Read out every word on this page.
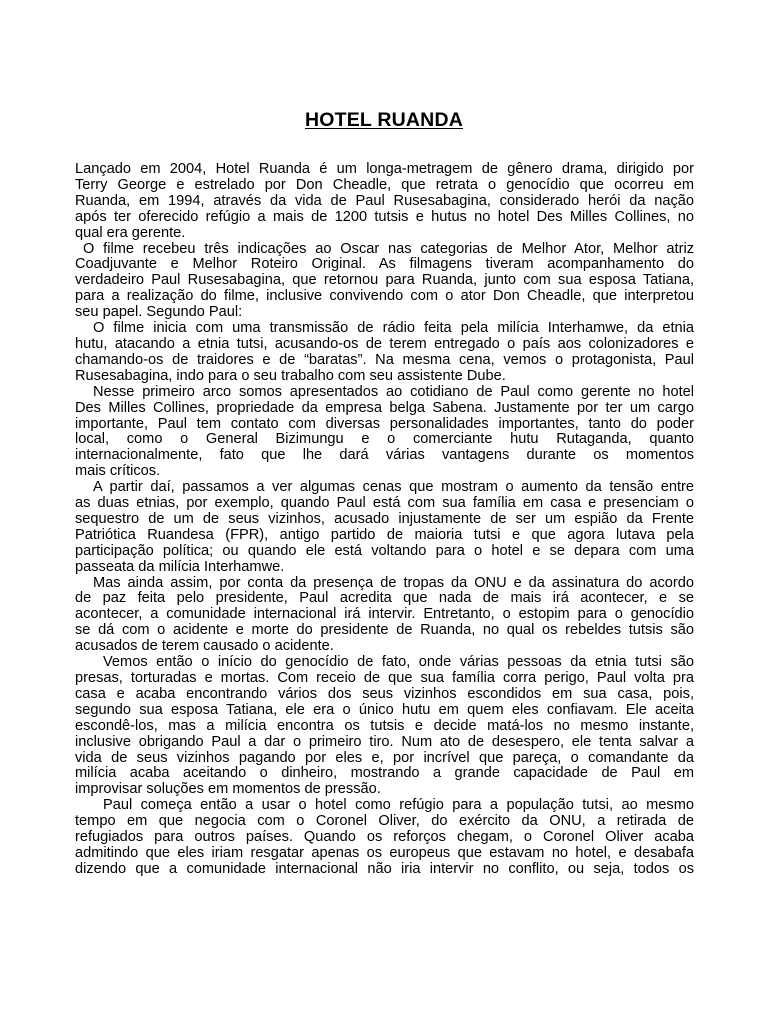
HOTEL RUANDA

Lançado em 2004, Hotel Ruanda é um longa-metragem de gênero drama, dirigido por
Terry George e estrelado por Don Cheadle, que retrata o genocídio que ocorreu em
Ruanda, em 1994, através da vida de Paul Rusesabagina, considerado herói da nação
após ter oferecido refúgio a mais de 1200 tutsis e hutus no hotel Des Milles Collines, no
qual era gerente.

O filme recebeu três indicações ao Oscar nas categorias de Melhor Ator, Melhor atriz
Coadjuvante e Melhor Roteiro Original. As filmagens tiveram acompanhamento do
verdadeiro Paul Rusesabagina, que retornou para Ruanda, junto com sua esposa Tatiana,
para a realização do filme, inclusive convivendo com o ator Don Cheadle, que interpretou
seu papel. Segundo Paul:

O filme inicia com uma transmissão de rádio feita pela milícia Interhamwe, da etnia
hutu, atacando a etnia tutsi, acusando-os de terem entregado o país aos colonizadores e
chamando-os de traidores e de “baratas”. Na mesma cena, vemos o protagonista, Paul
Rusesabagina, indo para o seu trabalho com seu assistente Dube.

Nesse primeiro arco somos apresentados ao cotidiano de Paul como gerente no hotel
Des Milles Collines, propriedade da empresa belga Sabena. Justamente por ter um cargo
importante, Paul tem contato com diversas personalidades importantes, tanto do poder
local, como o General Bizimungu e o comerciante hutu Rutaganda, quanto
internacionalmente, fato que lhe dará várias vantagens durante os momentos
mais críticos.

A partir daí, passamos a ver algumas cenas que mostram o aumento da tensão entre
as duas etnias, por exemplo, quando Paul está com sua família em casa e presenciam o
sequestro de um de seus vizinhos, acusado injustamente de ser um espião da Frente
Patriótica Ruandesa (FPR), antigo partido de maioria tutsi e que agora lutava pela
participação política; ou quando ele está voltando para o hotel e se depara com uma
passeata da milícia Interhamwe.

Mas ainda assim, por conta da presença de tropas da ONU e da assinatura do acordo
de paz feita pelo presidente, Paul acredita que nada de mais irá acontecer, e se
acontecer, a comunidade internacional irá intervir. Entretanto, o estopim para o genocídio
se dá com o acidente e morte do presidente de Ruanda, no qual os rebeldes tutsis são
acusados de terem causado o acidente.

Vemos então o início do genocídio de fato, onde várias pessoas da etnia tutsi são
presas, torturadas e mortas. Com receio de que sua família corra perigo, Paul volta pra
casa e acaba encontrando vários dos seus vizinhos escondidos em sua casa, pois,
segundo sua esposa Tatiana, ele era o único hutu em quem eles confiavam. Ele aceita
escondê-los, mas a milícia encontra os tutsis e decide matá-los no mesmo instante,
inclusive obrigando Paul a dar o primeiro tiro. Num ato de desespero, ele tenta salvar a
vida de seus vizinhos pagando por eles e, por incrível que pareça, o comandante da
milícia acaba aceitando o dinheiro, mostrando a grande capacidade de Paul em
improvisar soluções em momentos de pressão.

Paul começa então a usar o hotel como refúgio para a população tutsi, ao mesmo
tempo em que negocia com o Coronel Oliver, do exército da ONU, a retirada de
refugiados para outros países. Quando os reforços chegam, o Coronel Oliver acaba
admitindo que eles iriam resgatar apenas os europeus que estavam no hotel, e desabafa
dizendo que a comunidade internacional não iria intervir no conflito, ou seja, todos os
